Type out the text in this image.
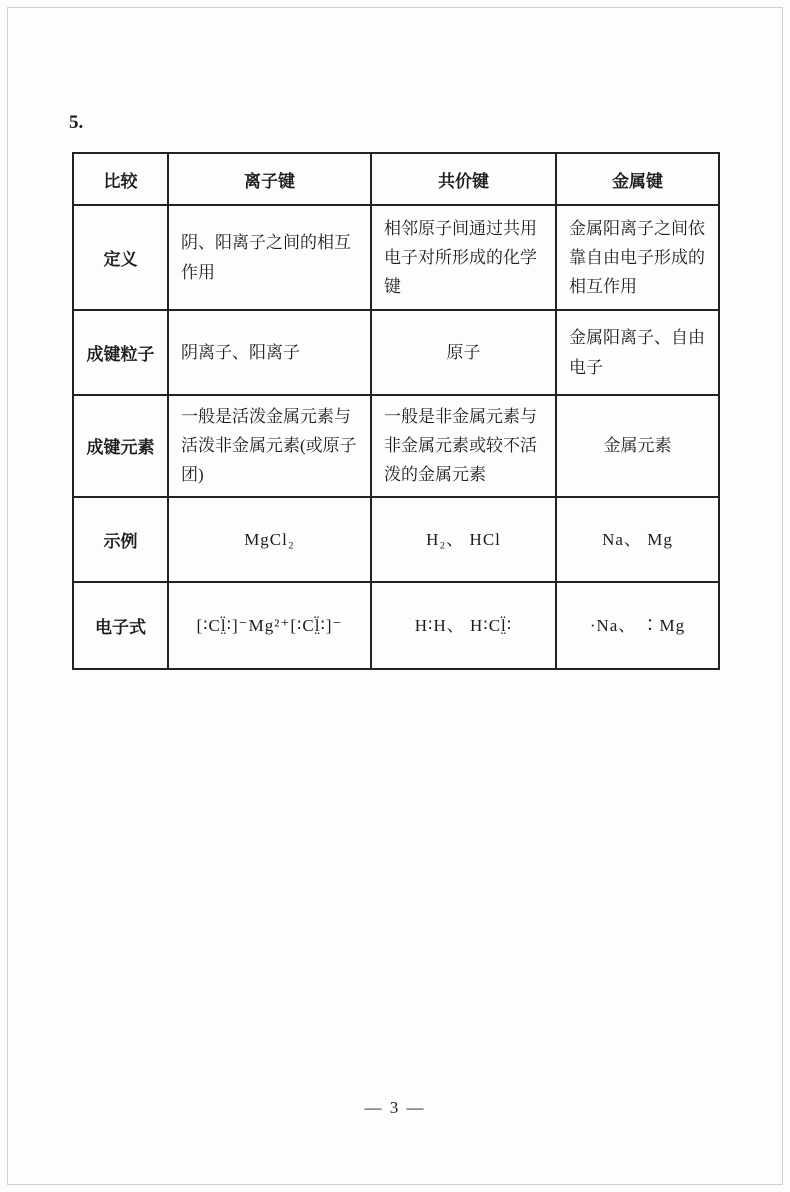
5.
比较	离子键	共价键	金属键
定义	阴、阳离子之间的相互作用	相邻原子间通过共用电子对所形成的化学键	金属阳离子之间依靠自由电子形成的相互作用
成键粒子	阴离子、阳离子	原子	金属阳离子、自由电子
成键元素	一般是活泼金属元素与活泼非金属元素(或原子团)	一般是非金属元素与非金属元素或较不活泼的金属元素	金属元素
示例	MgCl₂	H₂、 HCl	Na、 Mg
电子式	[∶Cl̤̈∶]⁻Mg²⁺[∶Cl̤̈∶]⁻	H∶H、 H∶Cl̤̈∶	·Na、 ∶Mg
— 3 —
